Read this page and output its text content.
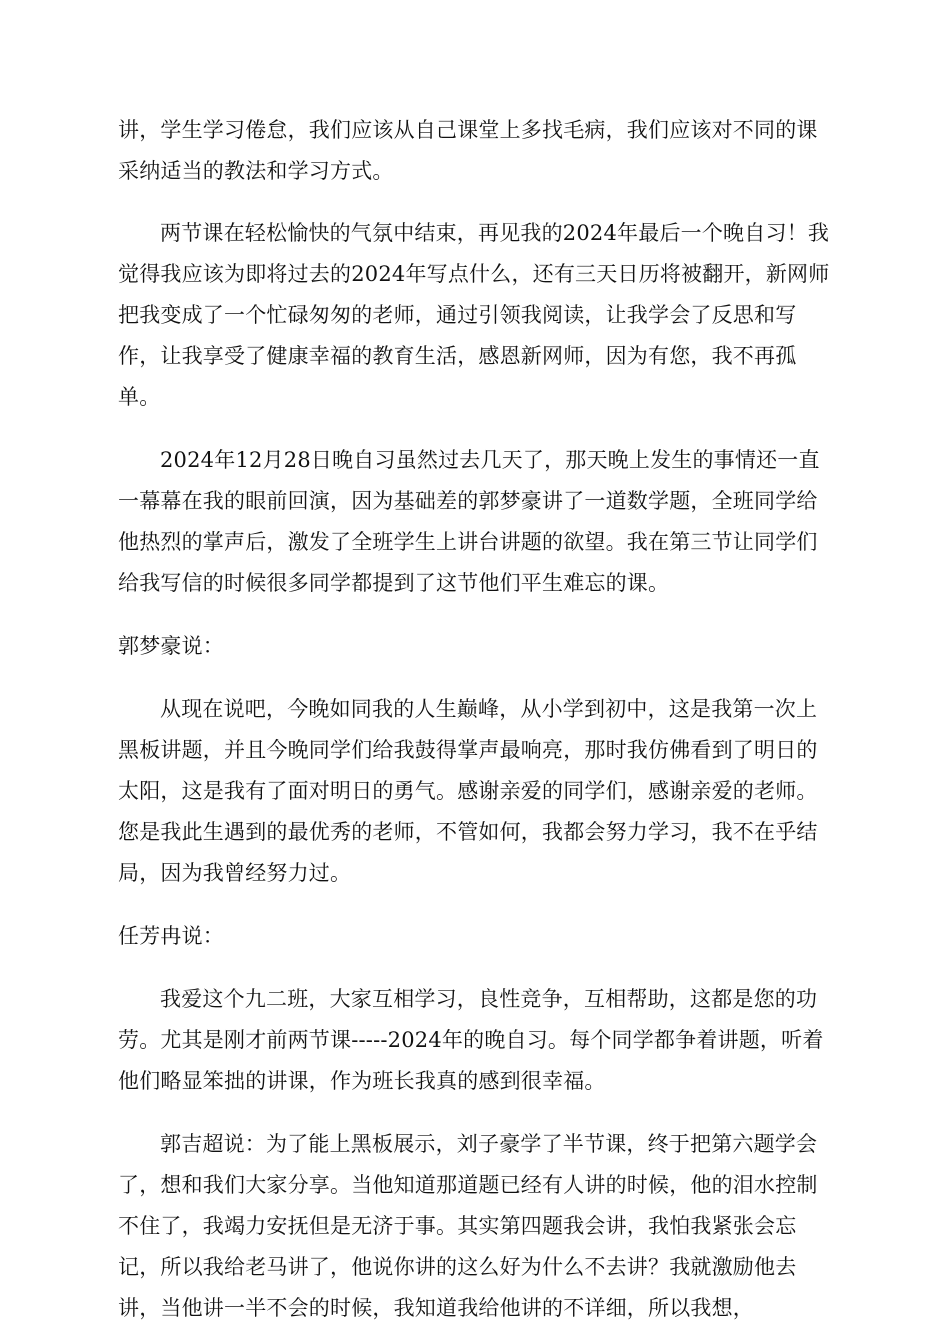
讲，学生学习倦怠，我们应该从自己课堂上多找毛病，我们应该对不同的课采纳适当的教法和学习方式。

两节课在轻松愉快的气氛中结束，再见我的2024年最后一个晚自习！我觉得我应该为即将过去的2024年写点什么，还有三天日历将被翻开，新网师把我变成了一个忙碌匆匆的老师，通过引领我阅读，让我学会了反思和写作，让我享受了健康幸福的教育生活，感恩新网师，因为有您，我不再孤单。

2024年12月28日晚自习虽然过去几天了，那天晚上发生的事情还一直一幕幕在我的眼前回演，因为基础差的郭梦豪讲了一道数学题，全班同学给他热烈的掌声后，激发了全班学生上讲台讲题的欲望。我在第三节让同学们给我写信的时候很多同学都提到了这节他们平生难忘的课。

郭梦豪说：

从现在说吧，今晚如同我的人生巅峰，从小学到初中，这是我第一次上黑板讲题，并且今晚同学们给我鼓得掌声最响亮，那时我仿佛看到了明日的太阳，这是我有了面对明日的勇气。感谢亲爱的同学们，感谢亲爱的老师。您是我此生遇到的最优秀的老师，不管如何，我都会努力学习，我不在乎结局，因为我曾经努力过。

任芳冉说：

我爱这个九二班，大家互相学习，良性竞争，互相帮助，这都是您的功劳。尤其是刚才前两节课-----2024年的晚自习。每个同学都争着讲题，听着他们略显笨拙的讲课，作为班长我真的感到很幸福。

郭吉超说：为了能上黑板展示，刘子豪学了半节课，终于把第六题学会了，想和我们大家分享。当他知道那道题已经有人讲的时候，他的泪水控制不住了，我竭力安抚但是无济于事。其实第四题我会讲，我怕我紧张会忘记，所以我给老马讲了，他说你讲的这么好为什么不去讲？我就激励他去讲，当他讲一半不会的时候，我知道我给他讲的不详细，所以我想，
